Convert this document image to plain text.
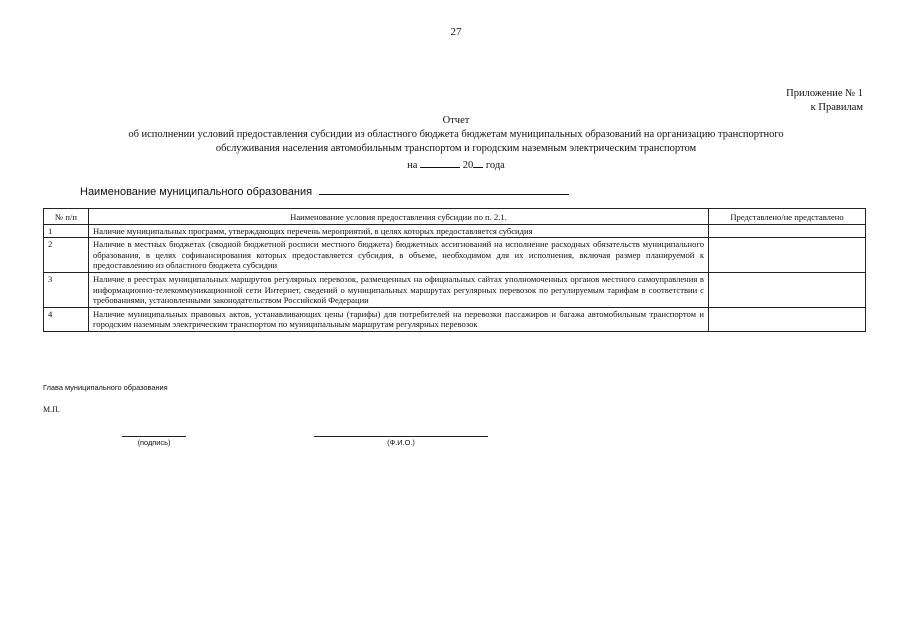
27
Приложение № 1
к Правилам
Отчет
об исполнении условий предоставления субсидии из областного бюджета бюджетам муниципальных образований на организацию транспортного
обслуживания населения автомобильным транспортом и городским наземным электрическим транспортом
на	20 года
Наименование муниципального образования
№ п/п	Наименование условия предоставления субсидии по п. 2.1.	Представлено/не представлено
1	Наличие муниципальных программ, утверждающих перечень мероприятий, в целях которых предоставляется субсидия	
2	Наличие в местных бюджетах (сводной бюджетной росписи местного бюджета) бюджетных ассигнований на исполнение расходных обязательств муниципального образования, в целях софинансирования которых предоставляется субсидия, в объеме, необходимом для их исполнения, включая размер планируемой к предоставлению из областного бюджета субсидии	
3	Наличие в реестрах муниципальных маршрутов регулярных перевозок, размещенных на официальных сайтах уполномоченных органов местного самоуправления в информационно-телекоммуникационной сети Интернет, сведений о муниципальных маршрутах регулярных перевозок по регулируемым тарифам в соответствии с требованиями, установленными законодательством Российской Федерации	
4	Наличие муниципальных правовых актов, устанавливающих цены (тарифы) для потребителей на перевозки пассажиров и багажа автомобильным транспортом и городским наземным электрическим транспортом по муниципальным маршрутам регулярных перевозок	
Глава муниципального образования
М.П.
(подпись)	(Ф.И.О.)
